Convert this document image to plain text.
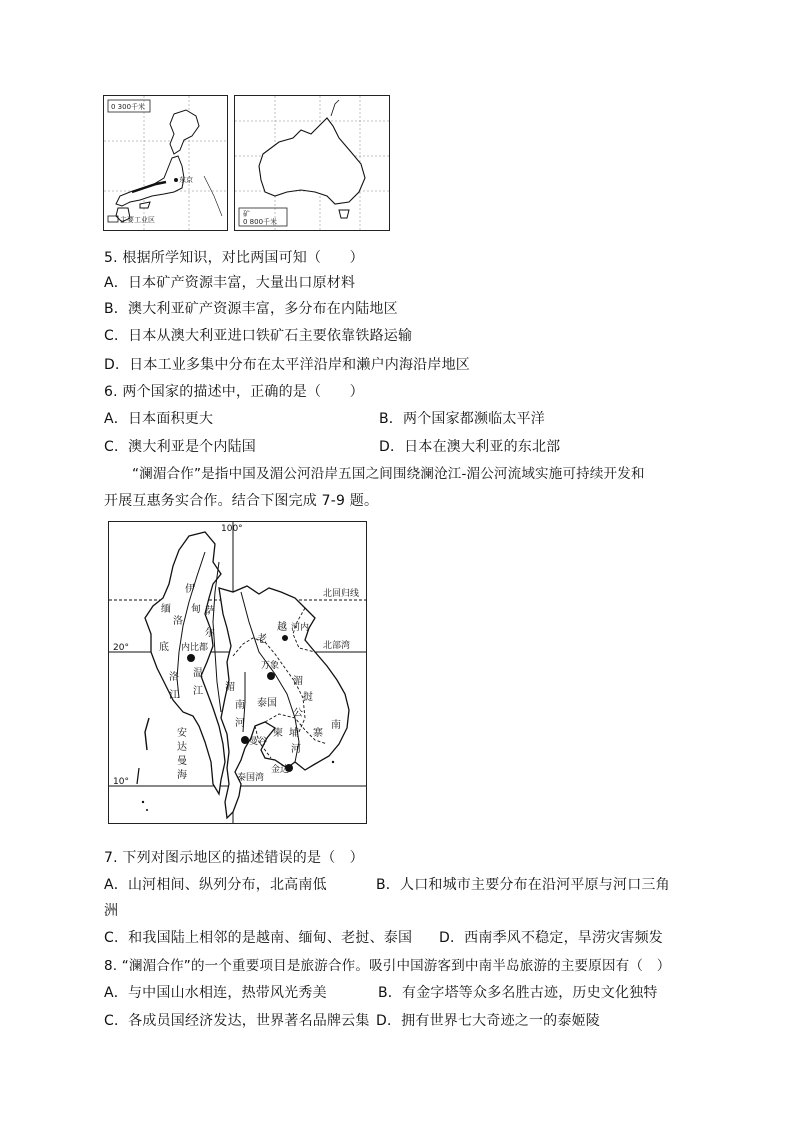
0 300千米
东京
主要工业区
矿
0 800千米
5. 根据所学知识，对比两国可知（　　）
A．日本矿产资源丰富，大量出口原材料
B．澳大利亚矿产资源丰富，多分布在内陆地区
C．日本从澳大利亚进口铁矿石主要依靠铁路运输
D．日本工业多集中分布在太平洋沿岸和濑户内海沿岸地区
6. 两个国家的描述中，正确的是（　　）
A．日本面积更大	B．两个国家都濒临太平洋
C．澳大利亚是个内陆国	D．日本在澳大利亚的东北部
“澜湄合作”是指中国及湄公河沿岸五国之间围绕澜沧江-湄公河流域实施可持续开发和
开展互惠务实合作。结合下图完成 7-9 题。
100°
20°
10°
北回归线
缅 甸
伊
洛
底
洛
江
萨
尔
温
江
内比都
老
越 河内
北部湾
万象
泰国
湄
公
河
挝
南
南
河
曼谷
柬 埔 寨
金边
安
达
曼
海	泰国湾
湄
7. 下列对图示地区的描述错误的是（　）
A．山河相间、纵列分布，北高南低	B．人口和城市主要分布在沿河平原与河口三角
洲
C．和我国陆上相邻的是越南、缅甸、老挝、泰国 D．西南季风不稳定，旱涝灾害频发
8. “澜湄合作”的一个重要项目是旅游合作。吸引中国游客到中南半岛旅游的主要原因有（　）
A．与中国山水相连，热带风光秀美	B．有金字塔等众多名胜古迹，历史文化独特
C．各成员国经济发达，世界著名品牌云集 D．拥有世界七大奇迹之一的泰姬陵
